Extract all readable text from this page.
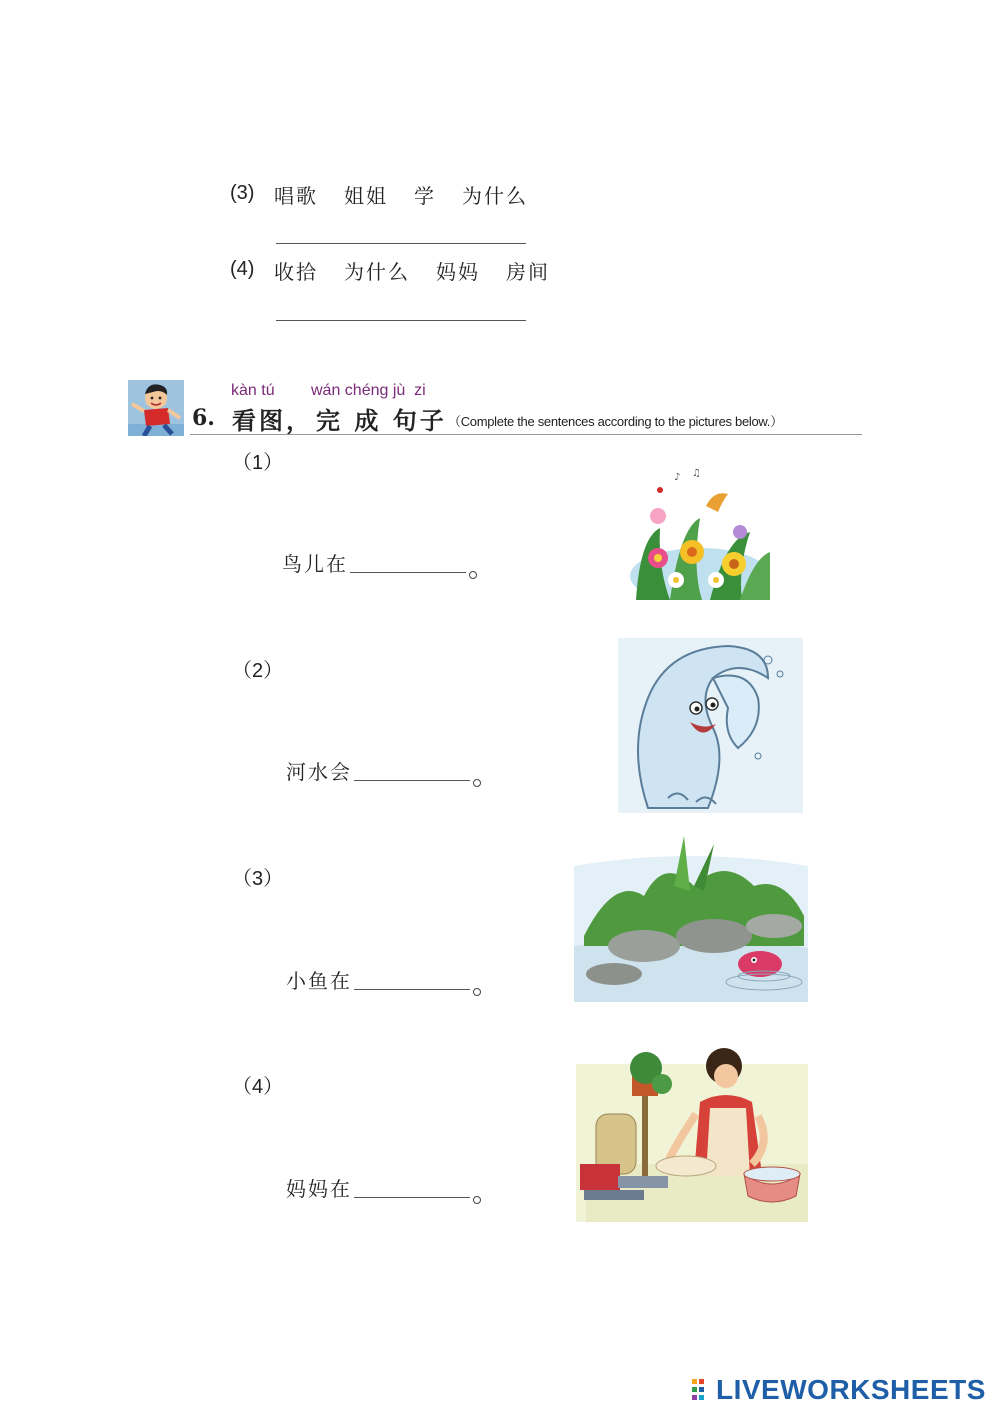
(3) 唱歌 姐姐 学 为什么
(4) 收拾 为什么 妈妈 房间
kàn tú wán chéng jù  zi
6. 看图， 完 成 句子 （Complete the sentences according to the pictures below.）
（1）
鸟儿在
♪ ♫
（2）
河水会
（3）
小鱼在
（4）
妈妈在
LIVEWORKSHEETS
